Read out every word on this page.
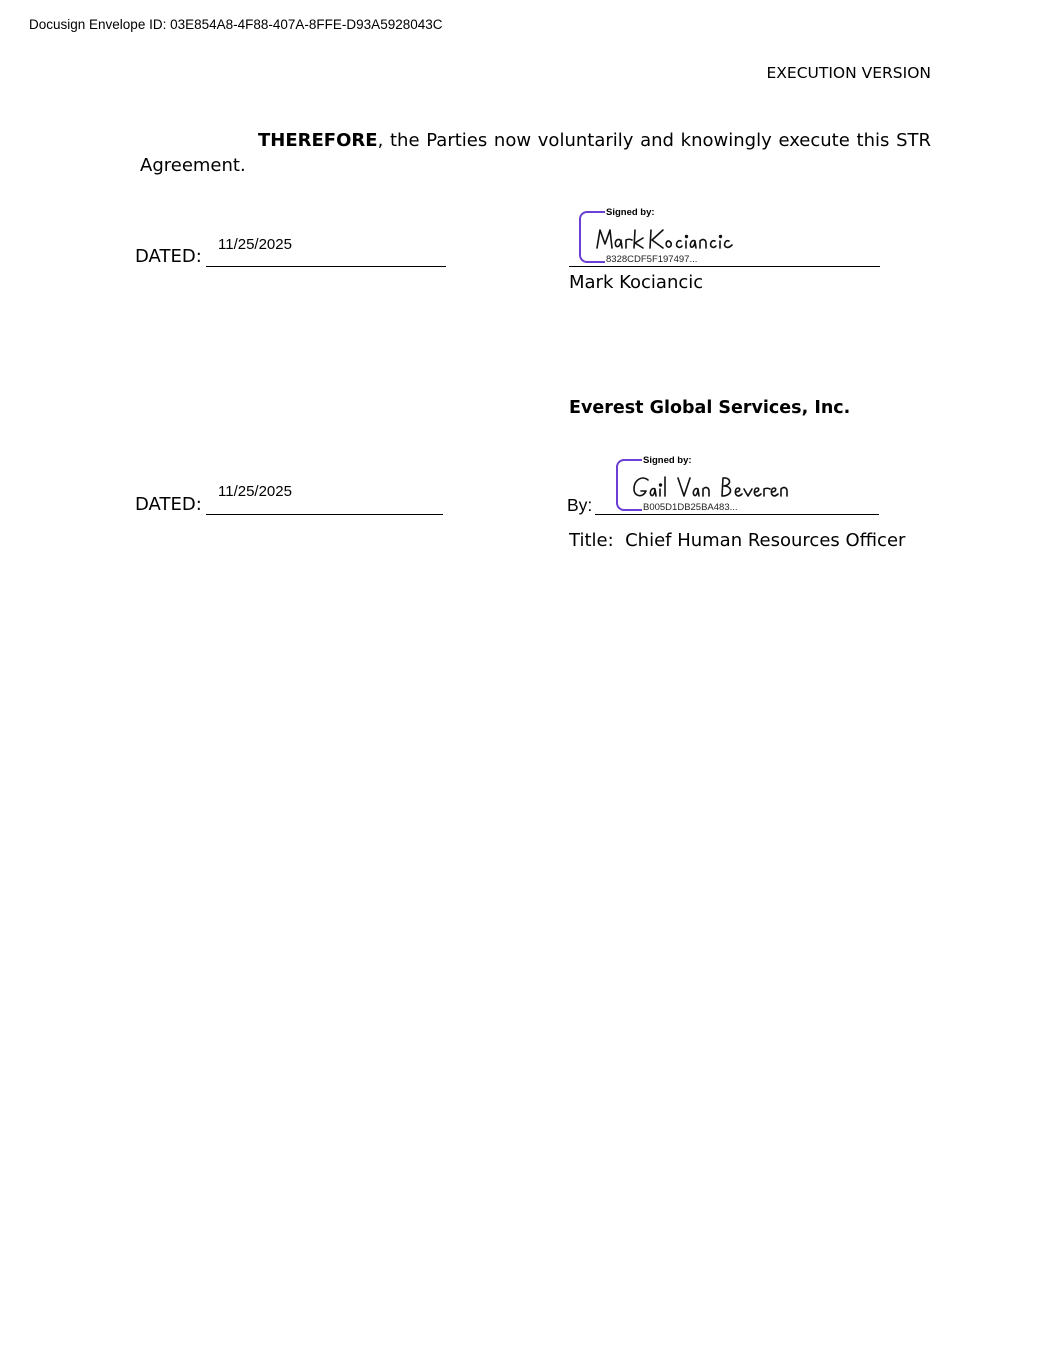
Docusign Envelope ID: 03E854A8-4F88-407A-8FFE-D93A5928043C
EXECUTION VERSION
THEREFORE, the Parties now voluntarily and knowingly execute this STR Agreement.
DATED:
11/25/2025
Signed by:
8328CDF5F197497...
Mark Kociancic
Everest Global Services, Inc.
DATED:
11/25/2025
By:
Signed by:
B005D1DB25BA483...
Title: Chief Human Resources Officer
